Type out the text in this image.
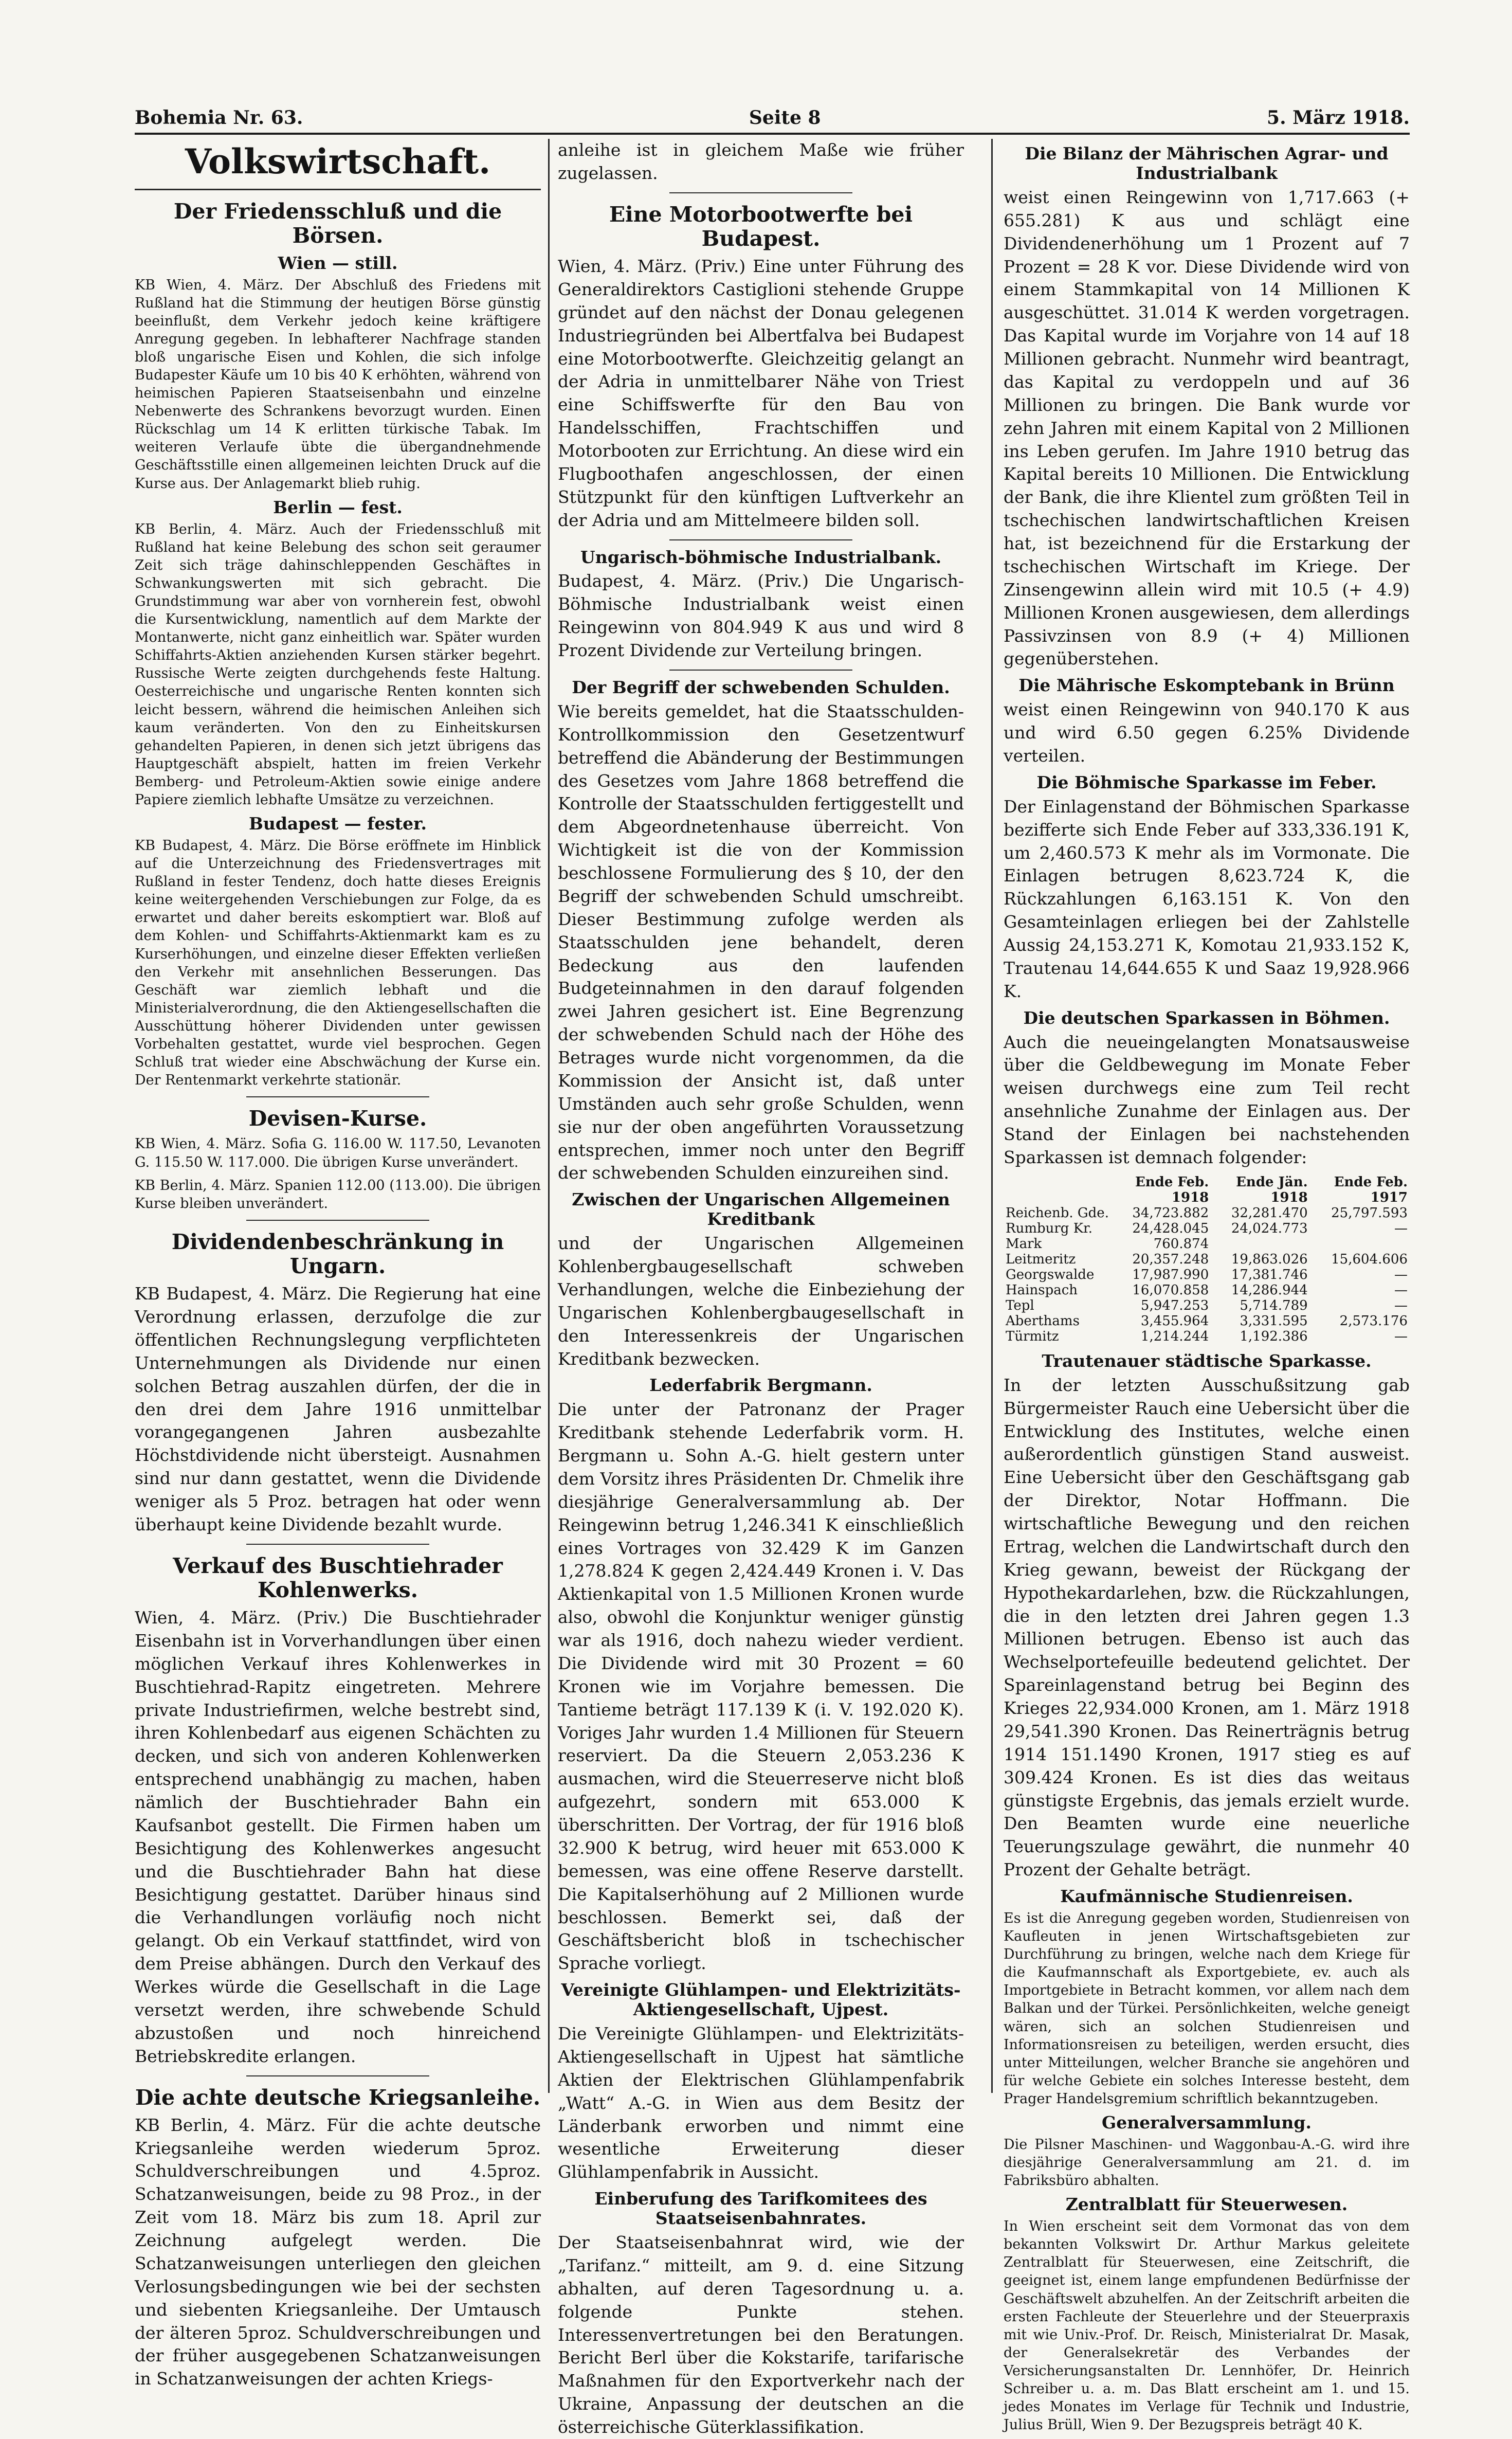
Bohemia Nr. 63.	Seite 8	5. März 1918.
Volkswirtschaft.
Der Friedensschluß und die Börsen.
Wien — still.

KB Wien, 4. März. Der Abschluß des Friedens mit Rußland hat die Stimmung der heutigen Börse günstig beeinflußt, dem Verkehr jedoch keine kräftigere Anregung gegeben. In lebhafterer Nachfrage standen bloß ungarische Eisen und Kohlen, die sich infolge Budapester Käufe um 10 bis 40 K erhöhten, während von heimischen Papieren Staatseisenbahn und einzelne Nebenwerte des Schrankens bevorzugt wurden. Einen Rückschlag um 14 K erlitten türkische Tabak. Im weiteren Verlaufe übte die übergandnehmende Geschäftsstille einen allgemeinen leichten Druck auf die Kurse aus. Der Anlagemarkt blieb ruhig.

Berlin — fest.

KB Berlin, 4. März. Auch der Friedensschluß mit Rußland hat keine Belebung des schon seit geraumer Zeit sich träge dahinschleppenden Geschäftes in Schwankungswerten mit sich gebracht. Die Grundstimmung war aber von vornherein fest, obwohl die Kursentwicklung, namentlich auf dem Markte der Montanwerte, nicht ganz einheitlich war. Später wurden Schiffahrts-Aktien anziehenden Kursen stärker begehrt. Russische Werte zeigten durchgehends feste Haltung. Oesterreichische und ungarische Renten konnten sich leicht bessern, während die heimischen Anleihen sich kaum veränderten. Von den zu Einheitskursen gehandelten Papieren, in denen sich jetzt übrigens das Hauptgeschäft abspielt, hatten im freien Verkehr Bemberg- und Petroleum-Aktien sowie einige andere Papiere ziemlich lebhafte Umsätze zu verzeichnen.

Budapest — fester.

KB Budapest, 4. März. Die Börse eröffnete im Hinblick auf die Unterzeichnung des Friedensvertrages mit Rußland in fester Tendenz, doch hatte dieses Ereignis keine weitergehenden Verschiebungen zur Folge, da es erwartet und daher bereits eskomptiert war. Bloß auf dem Kohlen- und Schiffahrts-Aktienmarkt kam es zu Kurserhöhungen, und einzelne dieser Effekten verließen den Verkehr mit ansehnlichen Besserungen. Das Geschäft war ziemlich lebhaft und die Ministerialverordnung, die den Aktiengesellschaften die Ausschüttung höherer Dividenden unter gewissen Vorbehalten gestattet, wurde viel besprochen. Gegen Schluß trat wieder eine Abschwächung der Kurse ein. Der Rentenmarkt verkehrte stationär.

Devisen-Kurse.

KB Wien, 4. März. Sofia G. 116.00 W. 117.50, Levanoten G. 115.50 W. 117.000. Die übrigen Kurse unverändert.

KB Berlin, 4. März. Spanien 112.00 (113.00). Die übrigen Kurse bleiben unverändert.

Dividendenbeschränkung in Ungarn.

KB Budapest, 4. März. Die Regierung hat eine Verordnung erlassen, derzufolge die zur öffentlichen Rechnungslegung verpflichteten Unternehmungen als Dividende nur einen solchen Betrag auszahlen dürfen, der die in den drei dem Jahre 1916 unmittelbar vorangegangenen Jahren ausbezahlte Höchstdividende nicht übersteigt. Ausnahmen sind nur dann gestattet, wenn die Dividende weniger als 5 Proz. betragen hat oder wenn überhaupt keine Dividende bezahlt wurde.

Verkauf des Buschtiehrader Kohlenwerks.

Wien, 4. März. (Priv.) Die Buschtiehrader Eisenbahn ist in Vorverhandlungen über einen möglichen Verkauf ihres Kohlenwerkes in Buschtiehrad-Rapitz eingetreten. Mehrere private Industriefirmen, welche bestrebt sind, ihren Kohlenbedarf aus eigenen Schächten zu decken, und sich von anderen Kohlenwerken entsprechend unabhängig zu machen, haben nämlich der Buschtiehrader Bahn ein Kaufsanbot gestellt. Die Firmen haben um Besichtigung des Kohlenwerkes angesucht und die Buschtiehrader Bahn hat diese Besichtigung gestattet. Darüber hinaus sind die Verhandlungen vorläufig noch nicht gelangt. Ob ein Verkauf stattfindet, wird von dem Preise abhängen. Durch den Verkauf des Werkes würde die Gesellschaft in die Lage versetzt werden, ihre schwebende Schuld abzustoßen und noch hinreichend Betriebskredite erlangen.

Die achte deutsche Kriegsanleihe.

KB Berlin, 4. März. Für die achte deutsche Kriegsanleihe werden wiederum 5proz. Schuldverschreibungen und 4.5proz. Schatzanweisungen, beide zu 98 Proz., in der Zeit vom 18. März bis zum 18. April zur Zeichnung aufgelegt werden. Die Schatzanweisungen unterliegen den gleichen Verlosungsbedingungen wie bei der sechsten und siebenten Kriegsanleihe. Der Umtausch der älteren 5proz. Schuldverschreibungen und der früher ausgegebenen Schatzanweisungen in Schatzanweisungen der achten Kriegs-

anleihe ist in gleichem Maße wie früher zugelassen.

Eine Motorbootwerfte bei Budapest.

Wien, 4. März. (Priv.) Eine unter Führung des Generaldirektors Castiglioni stehende Gruppe gründet auf den nächst der Donau gelegenen Industriegründen bei Albertfalva bei Budapest eine Motorbootwerfte. Gleichzeitig gelangt an der Adria in unmittelbarer Nähe von Triest eine Schiffswerfte für den Bau von Handelsschiffen, Frachtschiffen und Motorbooten zur Errichtung. An diese wird ein Flugboothafen angeschlossen, der einen Stützpunkt für den künftigen Luftverkehr an der Adria und am Mittelmeere bilden soll.

Ungarisch-böhmische Industrialbank.

Budapest, 4. März. (Priv.) Die Ungarisch-Böhmische Industrialbank weist einen Reingewinn von 804.949 K aus und wird 8 Prozent Dividende zur Verteilung bringen.

Der Begriff der schwebenden Schulden.

Wie bereits gemeldet, hat die Staatsschulden-Kontrollkommission den Gesetzentwurf betreffend die Abänderung der Bestimmungen des Gesetzes vom Jahre 1868 betreffend die Kontrolle der Staatsschulden fertiggestellt und dem Abgeordnetenhause überreicht. Von Wichtigkeit ist die von der Kommission beschlossene Formulierung des § 10, der den Begriff der schwebenden Schuld umschreibt. Dieser Bestimmung zufolge werden als Staatsschulden jene behandelt, deren Bedeckung aus den laufenden Budgeteinnahmen in den darauf folgenden zwei Jahren gesichert ist. Eine Begrenzung der schwebenden Schuld nach der Höhe des Betrages wurde nicht vorgenommen, da die Kommission der Ansicht ist, daß unter Umständen auch sehr große Schulden, wenn sie nur der oben angeführten Voraussetzung entsprechen, immer noch unter den Begriff der schwebenden Schulden einzureihen sind.

Zwischen der Ungarischen Allgemeinen Kreditbank

und der Ungarischen Allgemeinen Kohlenbergbaugesellschaft schweben Verhandlungen, welche die Einbeziehung der Ungarischen Kohlenbergbaugesellschaft in den Interessenkreis der Ungarischen Kreditbank bezwecken.

Lederfabrik Bergmann.

Die unter der Patronanz der Prager Kreditbank stehende Lederfabrik vorm. H. Bergmann u. Sohn A.-G. hielt gestern unter dem Vorsitz ihres Präsidenten Dr. Chmelik ihre diesjährige Generalversammlung ab. Der Reingewinn betrug 1,246.341 K einschließlich eines Vortrages von 32.429 K im Ganzen 1,278.824 K gegen 2,424.449 Kronen i. V. Das Aktienkapital von 1.5 Millionen Kronen wurde also, obwohl die Konjunktur weniger günstig war als 1916, doch nahezu wieder verdient. Die Dividende wird mit 30 Prozent = 60 Kronen wie im Vorjahre bemessen. Die Tantieme beträgt 117.139 K (i. V. 192.020 K). Voriges Jahr wurden 1.4 Millionen für Steuern reserviert. Da die Steuern 2,053.236 K ausmachen, wird die Steuerreserve nicht bloß aufgezehrt, sondern mit 653.000 K überschritten. Der Vortrag, der für 1916 bloß 32.900 K betrug, wird heuer mit 653.000 K bemessen, was eine offene Reserve darstellt. Die Kapitalserhöhung auf 2 Millionen wurde beschlossen. Bemerkt sei, daß der Geschäftsbericht bloß in tschechischer Sprache vorliegt.

Vereinigte Glühlampen- und Elektrizitäts-Aktiengesellschaft, Ujpest.

Die Vereinigte Glühlampen- und Elektrizitäts-Aktiengesellschaft in Ujpest hat sämtliche Aktien der Elektrischen Glühlampenfabrik „Watt“ A.-G. in Wien aus dem Besitz der Länderbank erworben und nimmt eine wesentliche Erweiterung dieser Glühlampenfabrik in Aussicht.

Einberufung des Tarifkomitees des Staatseisenbahnrates.

Der Staatseisenbahnrat wird, wie der „Tarifanz.“ mitteilt, am 9. d. eine Sitzung abhalten, auf deren Tagesordnung u. a. folgende Punkte stehen. Interessenvertretungen bei den Beratungen. Bericht Berl über die Kokstarife, tarifarische Maßnahmen für den Exportverkehr nach der Ukraine, Anpassung der deutschen an die österreichische Güterklassifikation.

Die Bilanz der Mährischen Agrar- und Industrialbank

weist einen Reingewinn von 1,717.663 (+ 655.281) K aus und schlägt eine Dividendenerhöhung um 1 Prozent auf 7 Prozent = 28 K vor. Diese Dividende wird von einem Stammkapital von 14 Millionen K ausgeschüttet. 31.014 K werden vorgetragen. Das Kapital wurde im Vorjahre von 14 auf 18 Millionen gebracht. Nunmehr wird beantragt, das Kapital zu verdoppeln und auf 36 Millionen zu bringen. Die Bank wurde vor zehn Jahren mit einem Kapital von 2 Millionen ins Leben gerufen. Im Jahre 1910 betrug das Kapital bereits 10 Millionen. Die Entwicklung der Bank, die ihre Klientel zum größten Teil in tschechischen landwirtschaftlichen Kreisen hat, ist bezeichnend für die Erstarkung der tschechischen Wirtschaft im Kriege. Der Zinsengewinn allein wird mit 10.5 (+ 4.9) Millionen Kronen ausgewiesen, dem allerdings Passivzinsen von 8.9 (+ 4) Millionen gegenüberstehen.

Die Mährische Eskomptebank in Brünn

weist einen Reingewinn von 940.170 K aus und wird 6.50 gegen 6.25% Dividende verteilen.

Die Böhmische Sparkasse im Feber.

Der Einlagenstand der Böhmischen Sparkasse bezifferte sich Ende Feber auf 333,336.191 K, um 2,460.573 K mehr als im Vormonate. Die Einlagen betrugen 8,623.724 K, die Rückzahlungen 6,163.151 K. Von den Gesamteinlagen erliegen bei der Zahlstelle Aussig 24,153.271 K, Komotau 21,933.152 K, Trautenau 14,644.655 K und Saaz 19,928.966 K.

Die deutschen Sparkassen in Böhmen.

Auch die neueingelangten Monatsausweise über die Geldbewegung im Monate Feber weisen durchwegs eine zum Teil recht ansehnliche Zunahme der Einlagen aus. Der Stand der Einlagen bei nachstehenden Sparkassen ist demnach folgender:

	Ende Feb. 1918	Ende Jän. 1918	Ende Feb. 1917
Reichenb. Gde.	34,723.882	32,281.470	25,797.593
Rumburg Kr.	24,428.045	24,024.773	—
Mark	760.874		
Leitmeritz	20,357.248	19,863.026	15,604.606
Georgswalde	17,987.990	17,381.746	—
Hainspach	16,070.858	14,286.944	—
Tepl	5,947.253	5,714.789	—
Aberthams	3,455.964	3,331.595	2,573.176
Türmitz	1,214.244	1,192.386	—
Trautenauer städtische Sparkasse.

In der letzten Ausschußsitzung gab Bürgermeister Rauch eine Uebersicht über die Entwicklung des Institutes, welche einen außerordentlich günstigen Stand ausweist. Eine Uebersicht über den Geschäftsgang gab der Direktor, Notar Hoffmann. Die wirtschaftliche Bewegung und den reichen Ertrag, welchen die Landwirtschaft durch den Krieg gewann, beweist der Rückgang der Hypothekardarlehen, bzw. die Rückzahlungen, die in den letzten drei Jahren gegen 1.3 Millionen betrugen. Ebenso ist auch das Wechselportefeuille bedeutend gelichtet. Der Spareinlagenstand betrug bei Beginn des Krieges 22,934.000 Kronen, am 1. März 1918 29,541.390 Kronen. Das Reinerträgnis betrug 1914 151.1490 Kronen, 1917 stieg es auf 309.424 Kronen. Es ist dies das weitaus günstigste Ergebnis, das jemals erzielt wurde. Den Beamten wurde eine neuerliche Teuerungszulage gewährt, die nunmehr 40 Prozent der Gehalte beträgt.

Kaufmännische Studienreisen.

Es ist die Anregung gegeben worden, Studienreisen von Kaufleuten in jenen Wirtschaftsgebieten zur Durchführung zu bringen, welche nach dem Kriege für die Kaufmannschaft als Exportgebiete, ev. auch als Importgebiete in Betracht kommen, vor allem nach dem Balkan und der Türkei. Persönlichkeiten, welche geneigt wären, sich an solchen Studienreisen und Informationsreisen zu beteiligen, werden ersucht, dies unter Mitteilungen, welcher Branche sie angehören und für welche Gebiete ein solches Interesse besteht, dem Prager Handelsgremium schriftlich bekanntzugeben.

Generalversammlung.

Die Pilsner Maschinen- und Waggonbau-A.-G. wird ihre diesjährige Generalversammlung am 21. d. im Fabriksbüro abhalten.

Zentralblatt für Steuerwesen.

In Wien erscheint seit dem Vormonat das von dem bekannten Volkswirt Dr. Arthur Markus geleitete Zentralblatt für Steuerwesen, eine Zeitschrift, die geeignet ist, einem lange empfundenen Bedürfnisse der Geschäftswelt abzuhelfen. An der Zeitschrift arbeiten die ersten Fachleute der Steuerlehre und der Steuerpraxis mit wie Univ.-Prof. Dr. Reisch, Ministerialrat Dr. Masak, der Generalsekretär des Verbandes der Versicherungsanstalten Dr. Lennhöfer, Dr. Heinrich Schreiber u. a. m. Das Blatt erscheint am 1. und 15. jedes Monates im Verlage für Technik und Industrie, Julius Brüll, Wien 9. Der Bezugspreis beträgt 40 K.
